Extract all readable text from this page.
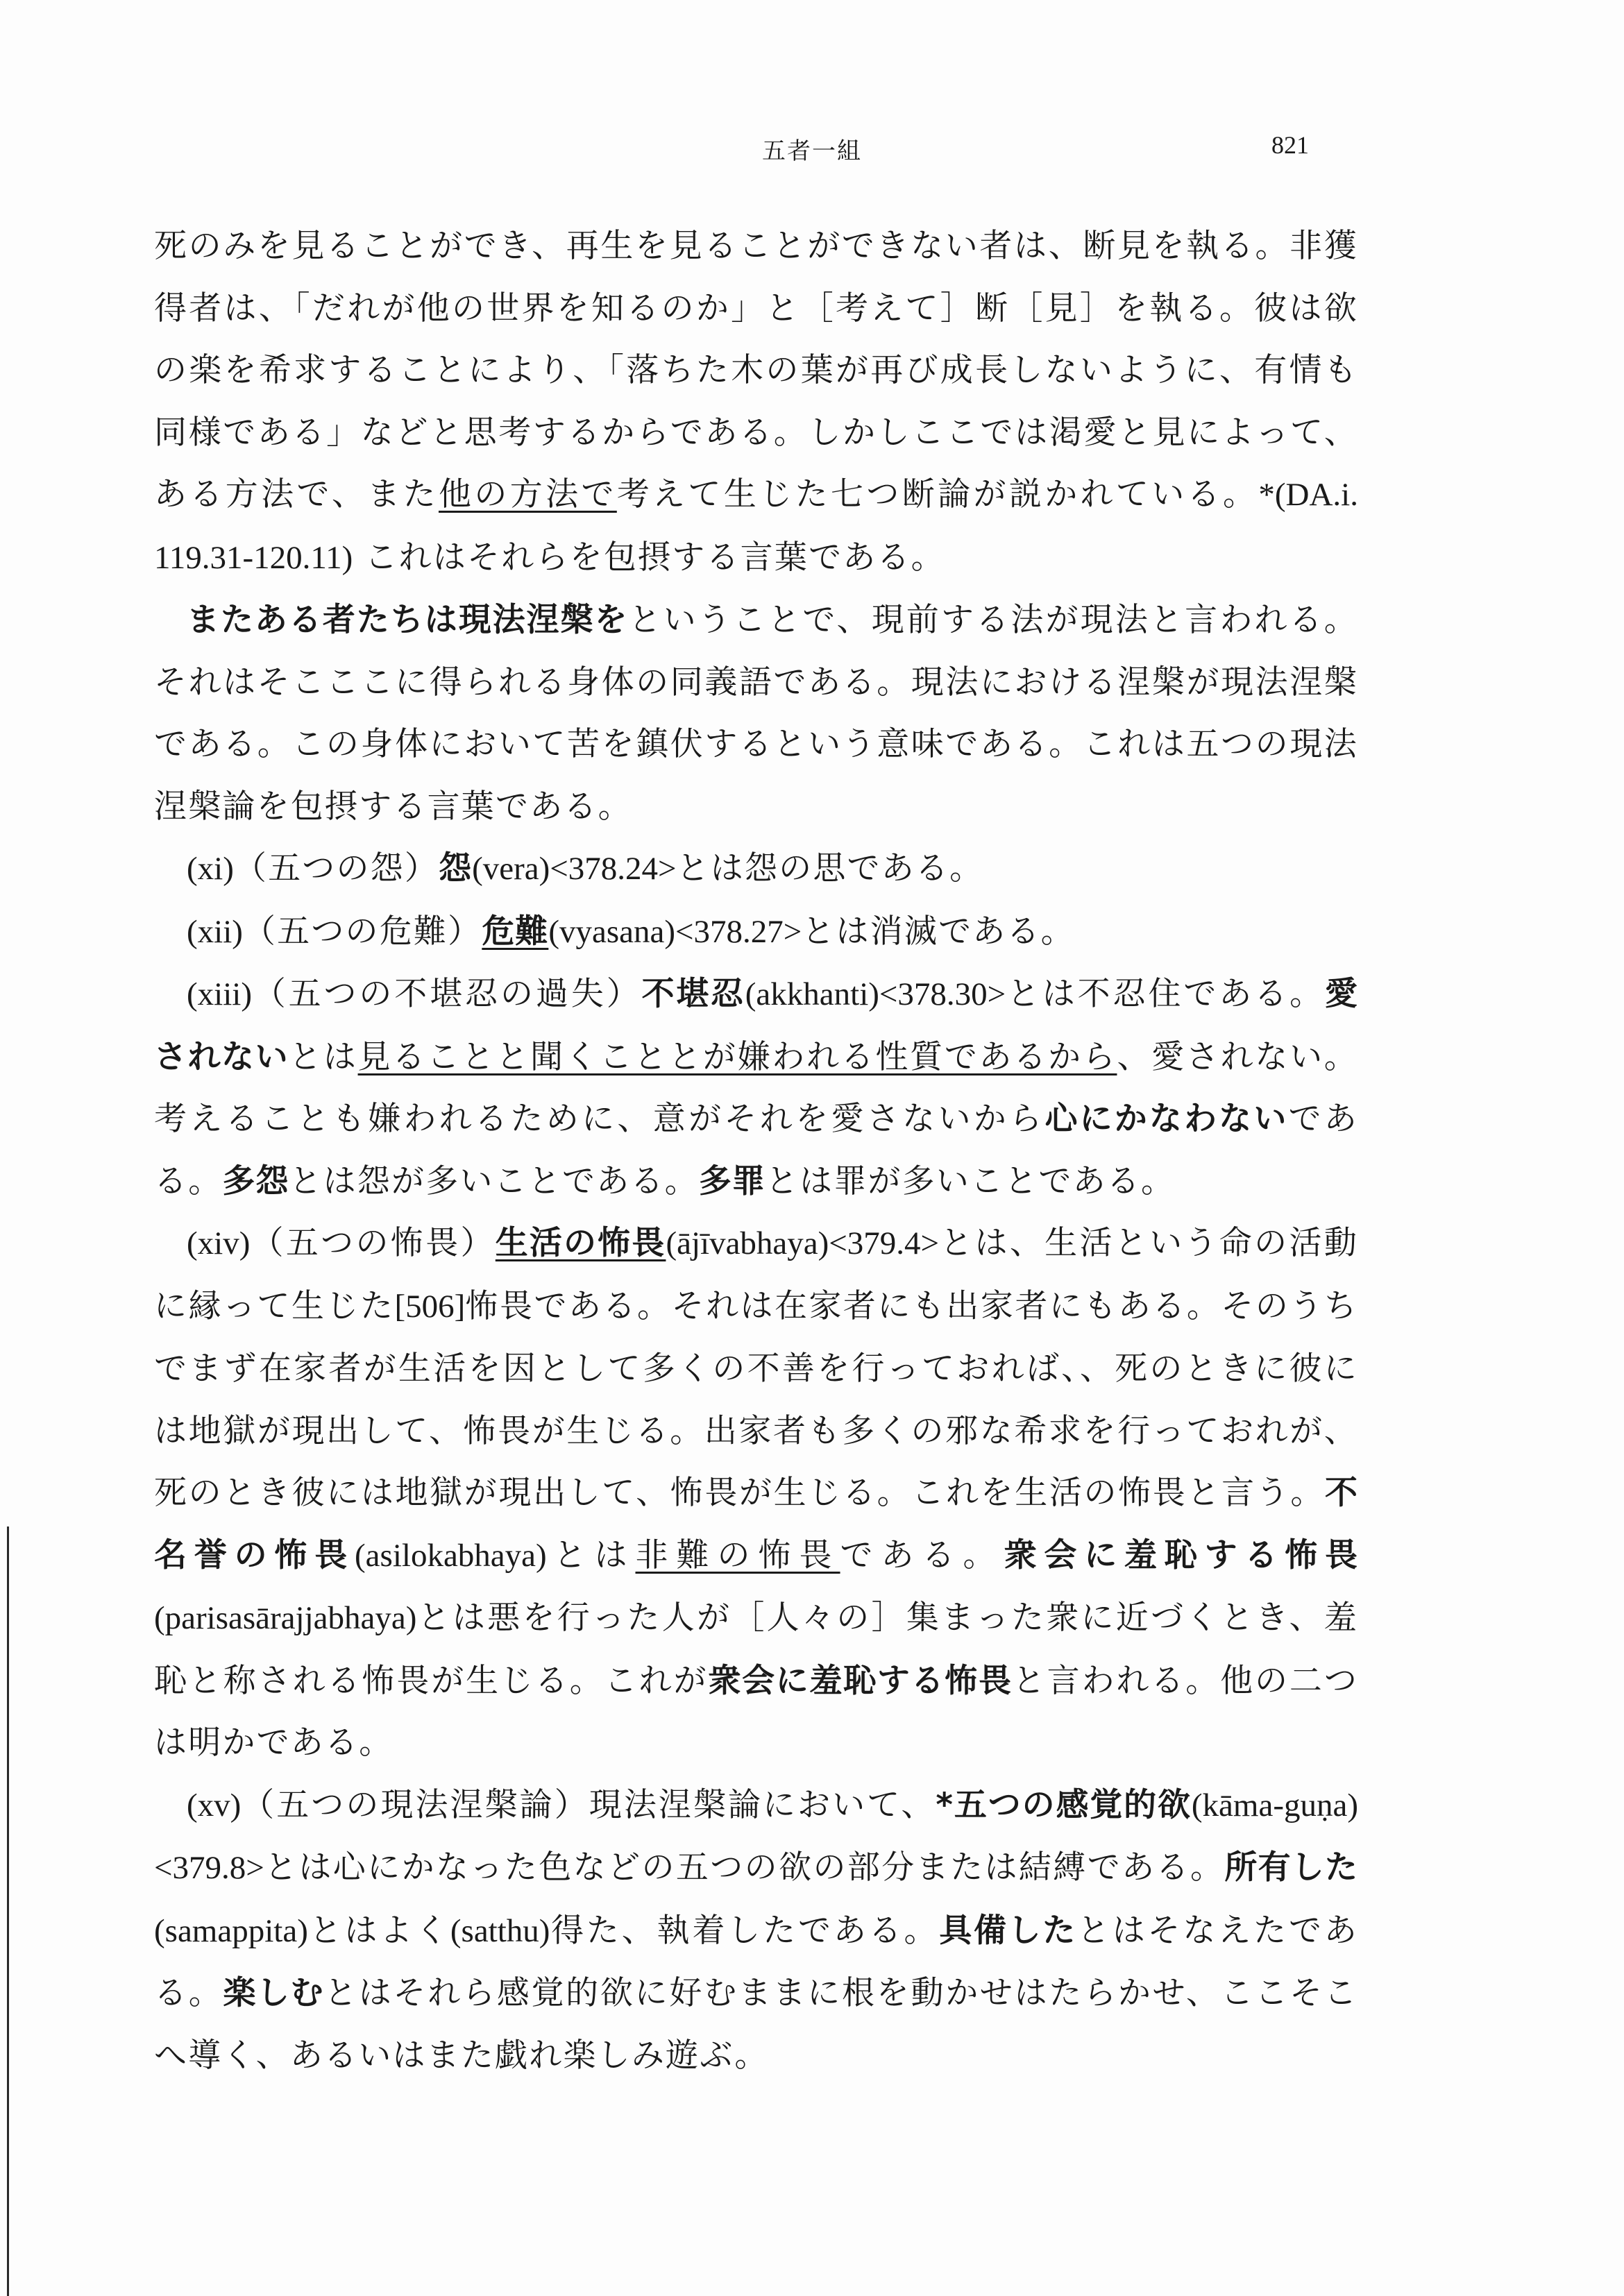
五者一組	821

死のみを見ることができ、再生を見ることができない者は、断見を執る。非獲得者は、「だれが他の世界を知るのか」と［考えて］断［見］を執る。彼は欲の楽を希求することにより、「落ちた木の葉が再び成長しないように、有情も同様である」などと思考するからである。しかしここでは渇愛と見によって、ある方法で、また他の方法で考えて生じた七つ断論が説かれている。*(DA.i. 119.31-120.11) これはそれらを包摂する言葉である。

またある者たちは現法涅槃をということで、現前する法が現法と言われる。それはそこここに得られる身体の同義語である。現法における涅槃が現法涅槃である。この身体において苦を鎮伏するという意味である。これは五つの現法涅槃論を包摂する言葉である。

(xi)（五つの怨）怨(vera)<378.24>とは怨の思である。

(xii)（五つの危難）危難(vyasana)<378.27>とは消滅である。

(xiii)（五つの不堪忍の過失）不堪忍(akkhanti)<378.30>とは不忍住である。愛されないとは見ることと聞くこととが嫌われる性質であるから、愛されない。考えることも嫌われるために、意がそれを愛さないから心にかなわないである。多怨とは怨が多いことである。多罪とは罪が多いことである。

(xiv)（五つの怖畏）生活の怖畏(ājīvabhaya)<379.4>とは、生活という命の活動に縁って生じた[506]怖畏である。それは在家者にも出家者にもある。そのうちでまず在家者が生活を因として多くの不善を行っておれば、、死のときに彼には地獄が現出して、怖畏が生じる。出家者も多くの邪な希求を行っておれが、死のとき彼には地獄が現出して、怖畏が生じる。これを生活の怖畏と言う。不名誉の怖畏(asilokabhaya)とは非難の怖畏である。衆会に羞恥する怖畏(parisasārajjabhaya)とは悪を行った人が［人々の］集まった衆に近づくとき、羞恥と称される怖畏が生じる。これが衆会に羞恥する怖畏と言われる。他の二つは明かである。

(xv)（五つの現法涅槃論）現法涅槃論において、*五つの感覚的欲(kāma-guṇa)<379.8>とは心にかなった色などの五つの欲の部分または結縛である。所有した(samappita)とはよく(satthu)得た、執着したである。具備したとはそなえたである。楽しむとはそれら感覚的欲に好むままに根を動かせはたらかせ、ここそこへ導く、あるいはまた戯れ楽しみ遊ぶ。
